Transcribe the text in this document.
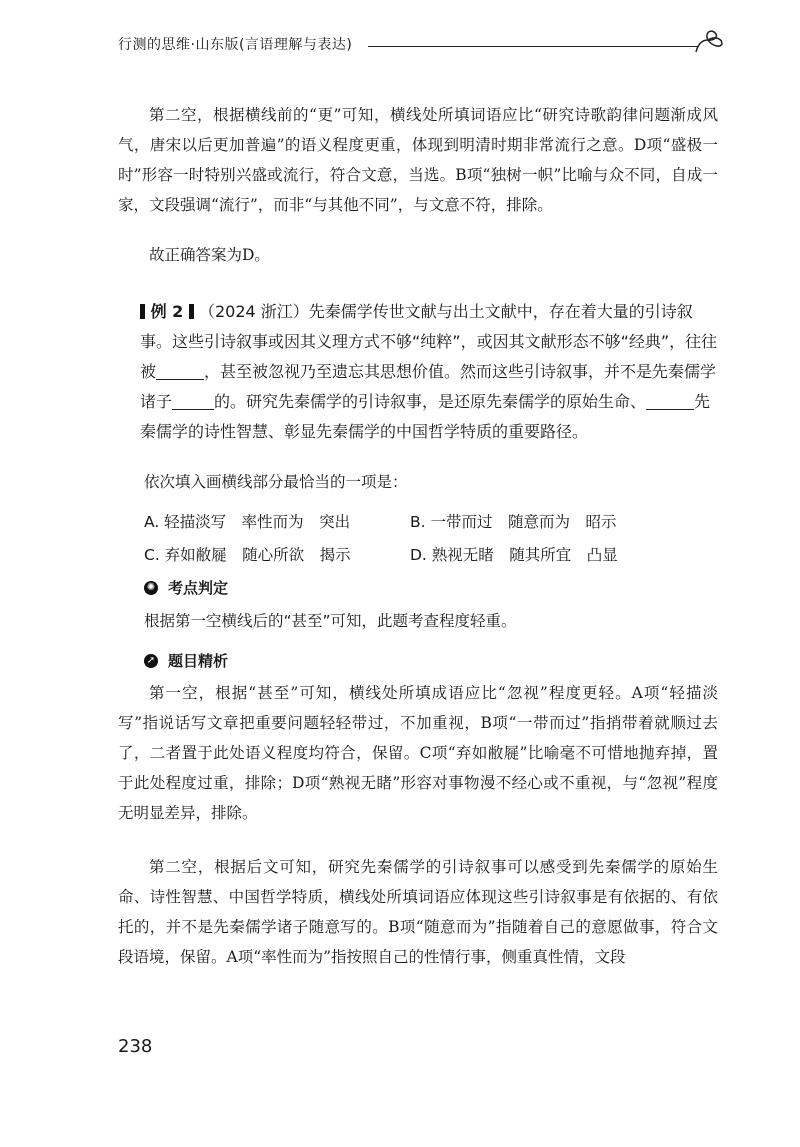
行测的思维·山东版(言语理解与表达)
第二空，根据横线前的“更”可知，横线处所填词语应比“研究诗歌韵律问题渐成风气，唐宋以后更加普遍”的语义程度更重，体现到明清时期非常流行之意。D项“盛极一时”形容一时特别兴盛或流行，符合文意，当选。B项“独树一帜”比喻与众不同，自成一家，文段强调“流行”，而非“与其他不同”，与文意不符，排除。
故正确答案为D。
例 2 （2024 浙江）先秦儒学传世文献与出土文献中，存在着大量的引诗叙事。这些引诗叙事或因其义理方式不够“纯粹”，或因其文献形态不够“经典”，往往被	，甚至被忽视乃至遗忘其思想价值。然而这些引诗叙事，并不是先秦儒学诸子	的。研究先秦儒学的引诗叙事，是还原先秦儒学的原始生命、	先秦儒学的诗性智慧、彰显先秦儒学的中国哲学特质的重要路径。
依次填入画横线部分最恰当的一项是：
A. 轻描淡写　率性而为　突出	B. 一带而过　随意而为　昭示
C. 弃如敝屣　随心所欲　揭示	D. 熟视无睹　随其所宜　凸显
✺ 考点判定
根据第一空横线后的“甚至”可知，此题考查程度轻重。
➚ 题目精析
第一空，根据“甚至”可知，横线处所填成语应比“忽视”程度更轻。A项“轻描淡写”指说话写文章把重要问题轻轻带过，不加重视，B项“一带而过”指捎带着就顺过去了，二者置于此处语义程度均符合，保留。C项“弃如敝屣”比喻毫不可惜地抛弃掉，置于此处程度过重，排除；D项“熟视无睹”形容对事物漫不经心或不重视，与“忽视”程度无明显差异，排除。
第二空，根据后文可知，研究先秦儒学的引诗叙事可以感受到先秦儒学的原始生命、诗性智慧、中国哲学特质，横线处所填词语应体现这些引诗叙事是有依据的、有依托的，并不是先秦儒学诸子随意写的。B项“随意而为”指随着自己的意愿做事，符合文段语境，保留。A项“率性而为”指按照自己的性情行事，侧重真性情，文段
238
